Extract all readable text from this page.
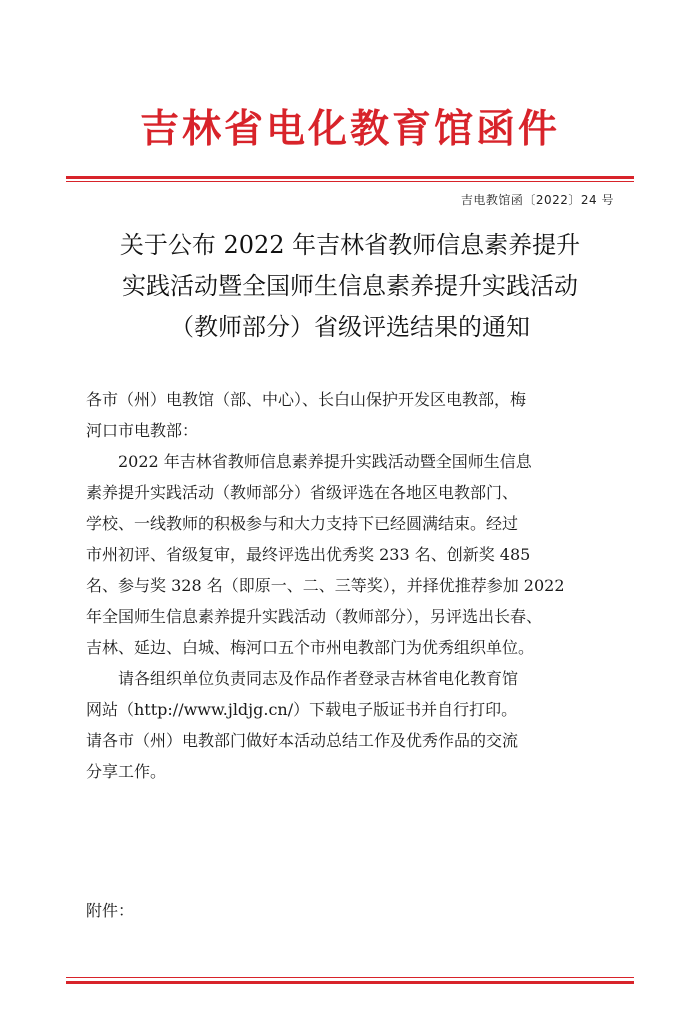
吉林省电化教育馆函件
吉电教馆函〔2022〕24 号
关于公布 2022 年吉林省教师信息素养提升
实践活动暨全国师生信息素养提升实践活动
（教师部分）省级评选结果的通知
各市（州）电教馆（部、中心）、长白山保护开发区电教部，梅
河口市电教部：
2022 年吉林省教师信息素养提升实践活动暨全国师生信息
素养提升实践活动（教师部分）省级评选在各地区电教部门、
学校、一线教师的积极参与和大力支持下已经圆满结束。经过
市州初评、省级复审，最终评选出优秀奖 233 名、创新奖 485
名、参与奖 328 名（即原一、二、三等奖），并择优推荐参加 2022
年全国师生信息素养提升实践活动（教师部分），另评选出长春、
吉林、延边、白城、梅河口五个市州电教部门为优秀组织单位。
请各组织单位负责同志及作品作者登录吉林省电化教育馆
网站（http://www.jldjg.cn/）下载电子版证书并自行打印。
请各市（州）电教部门做好本活动总结工作及优秀作品的交流
分享工作。
附件：
